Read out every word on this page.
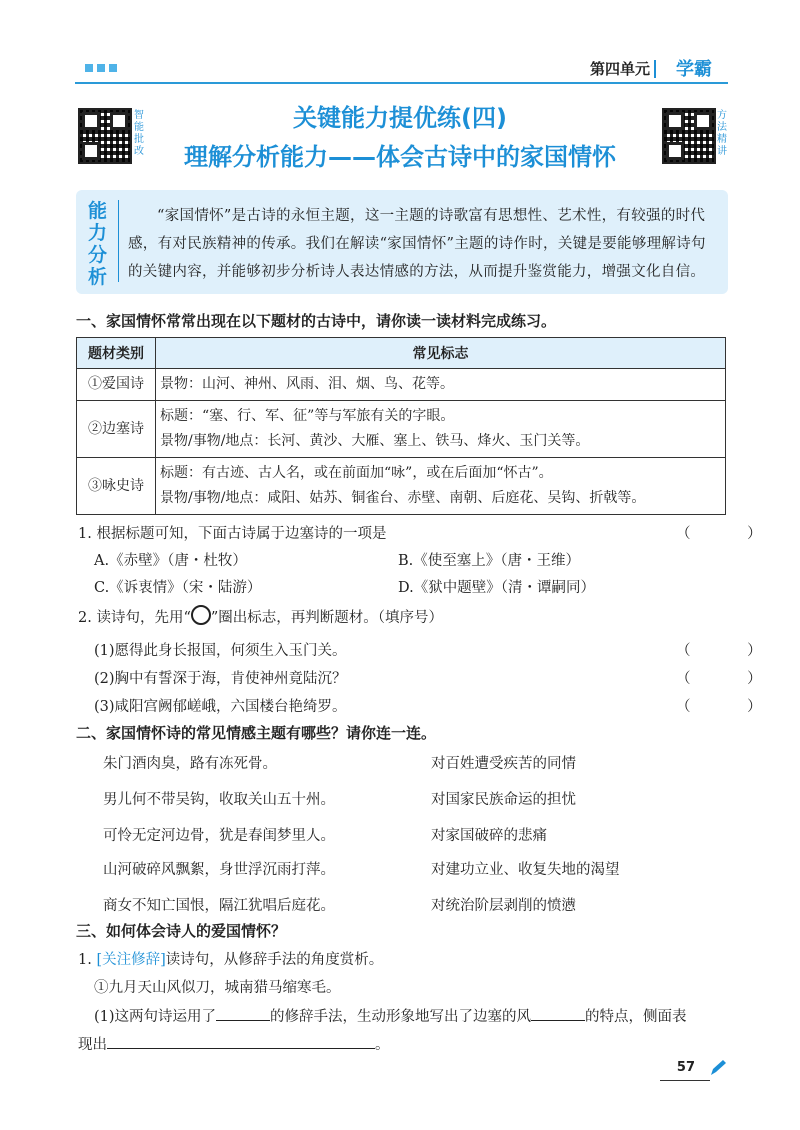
第四单元 学霸
智能批改
方法精讲
关键能力提优练(四)
理解分析能力——体会古诗中的家国情怀
能力分析
“家国情怀”是古诗的永恒主题，这一主题的诗歌富有思想性、艺术性，有较强的时代感，有对民族精神的传承。我们在解读“家国情怀”主题的诗作时，关键是要能够理解诗句的关键内容，并能够初步分析诗人表达情感的方法，从而提升鉴赏能力，增强文化自信。
一、家国情怀常常出现在以下题材的古诗中，请你读一读材料完成练习。
题材类别	常见标志
①爱国诗	景物：山河、神州、风雨、泪、烟、鸟、花等。
②边塞诗	标题：“塞、行、军、征”等与军旅有关的字眼。
景物/事物/地点：长河、黄沙、大雁、塞上、铁马、烽火、玉门关等。

③咏史诗	标题：有古迹、古人名，或在前面加“咏”，或在后面加“怀古”。
景物/事物/地点：咸阳、姑苏、铜雀台、赤壁、南朝、后庭花、吴钩、折戟等。
1. 根据标题可知，下面古诗属于边塞诗的一项是	（ ）
A.《赤壁》（唐・杜牧）	B.《使至塞上》（唐・王维）
C.《诉衷情》（宋・陆游）	D.《狱中题壁》（清・谭嗣同）
2. 读诗句，先用“ ”圈出标志，再判断题材。（填序号）
(1)愿得此身长报国，何须生入玉门关。	（ ）
(2)胸中有誓深于海，肯使神州竟陆沉？	（ ）
(3)咸阳宫阙郁嵯峨，六国楼台艳绮罗。	（ ）
二、家国情怀诗的常见情感主题有哪些？请你连一连。
朱门酒肉臭，路有冻死骨。
男儿何不带吴钩，收取关山五十州。
可怜无定河边骨，犹是春闺梦里人。
山河破碎风飘絮，身世浮沉雨打萍。
商女不知亡国恨，隔江犹唱后庭花。
对百姓遭受疾苦的同情
对国家民族命运的担忧
对家国破碎的悲痛
对建功立业、收复失地的渴望
对统治阶层剥削的愤懑
三、如何体会诗人的爱国情怀？
1. [关注修辞]读诗句，从修辞手法的角度赏析。
①九月天山风似刀，城南猎马缩寒毛。
(1)这两句诗运用了	的修辞手法，生动形象地写出了边塞的风	的特点，侧面表
现出	。
57
